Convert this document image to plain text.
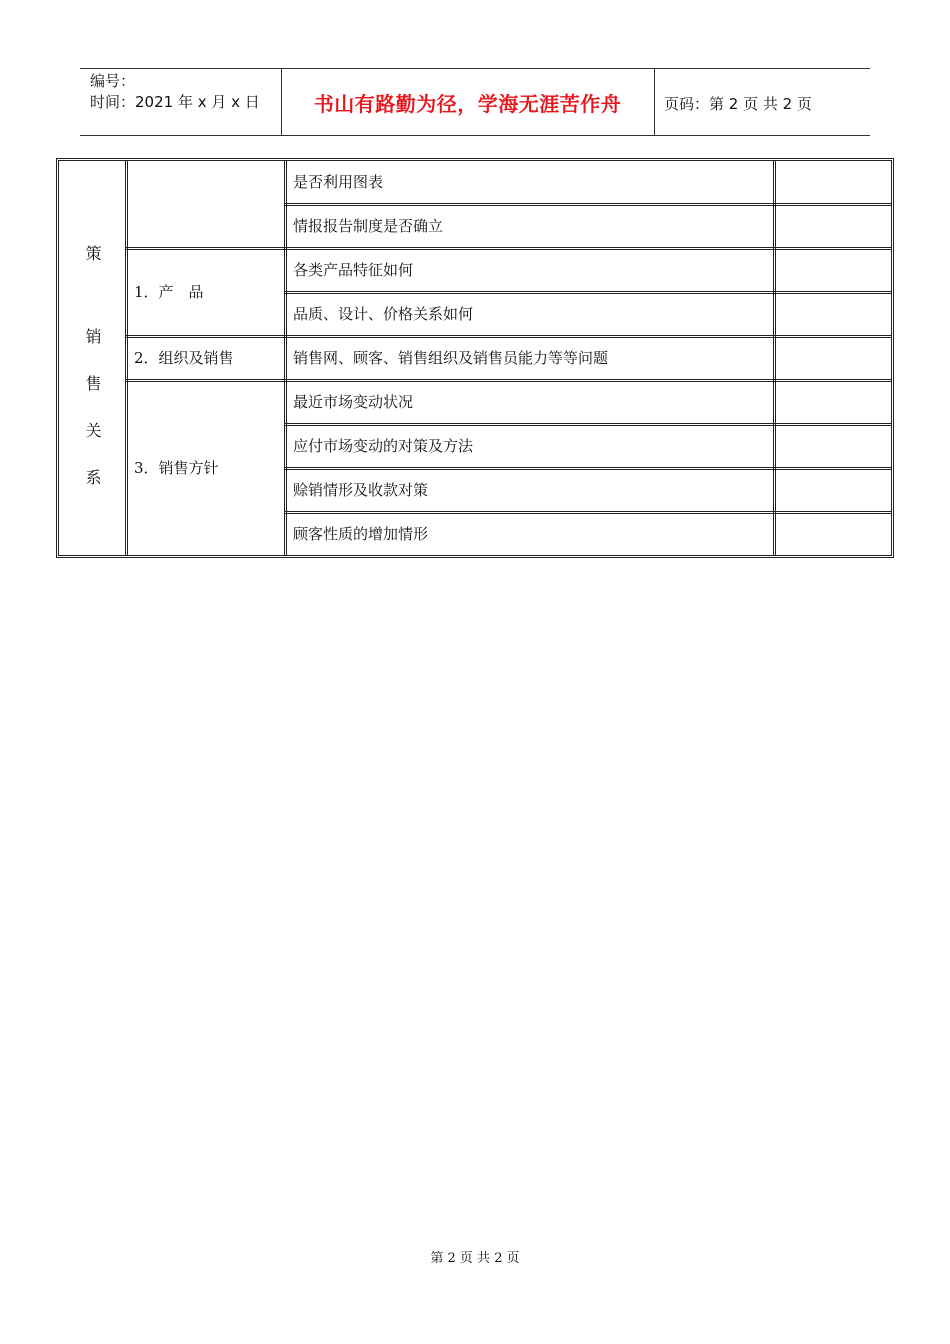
编号：
时间：2021 年 x 月 x 日	书山有路勤为径，学海无涯苦作舟	页码：第 2 页 共 2 页
策
销
售
关
系
1．产　品
2．组织及销售
3．销售方针
是否利用图表
情报报告制度是否确立
各类产品特征如何
品质、设计、价格关系如何
销售网、顾客、销售组织及销售员能力等等问题
最近市场变动状况
应付市场变动的对策及方法
赊销情形及收款对策
顾客性质的增加情形
第 2 页 共 2 页
